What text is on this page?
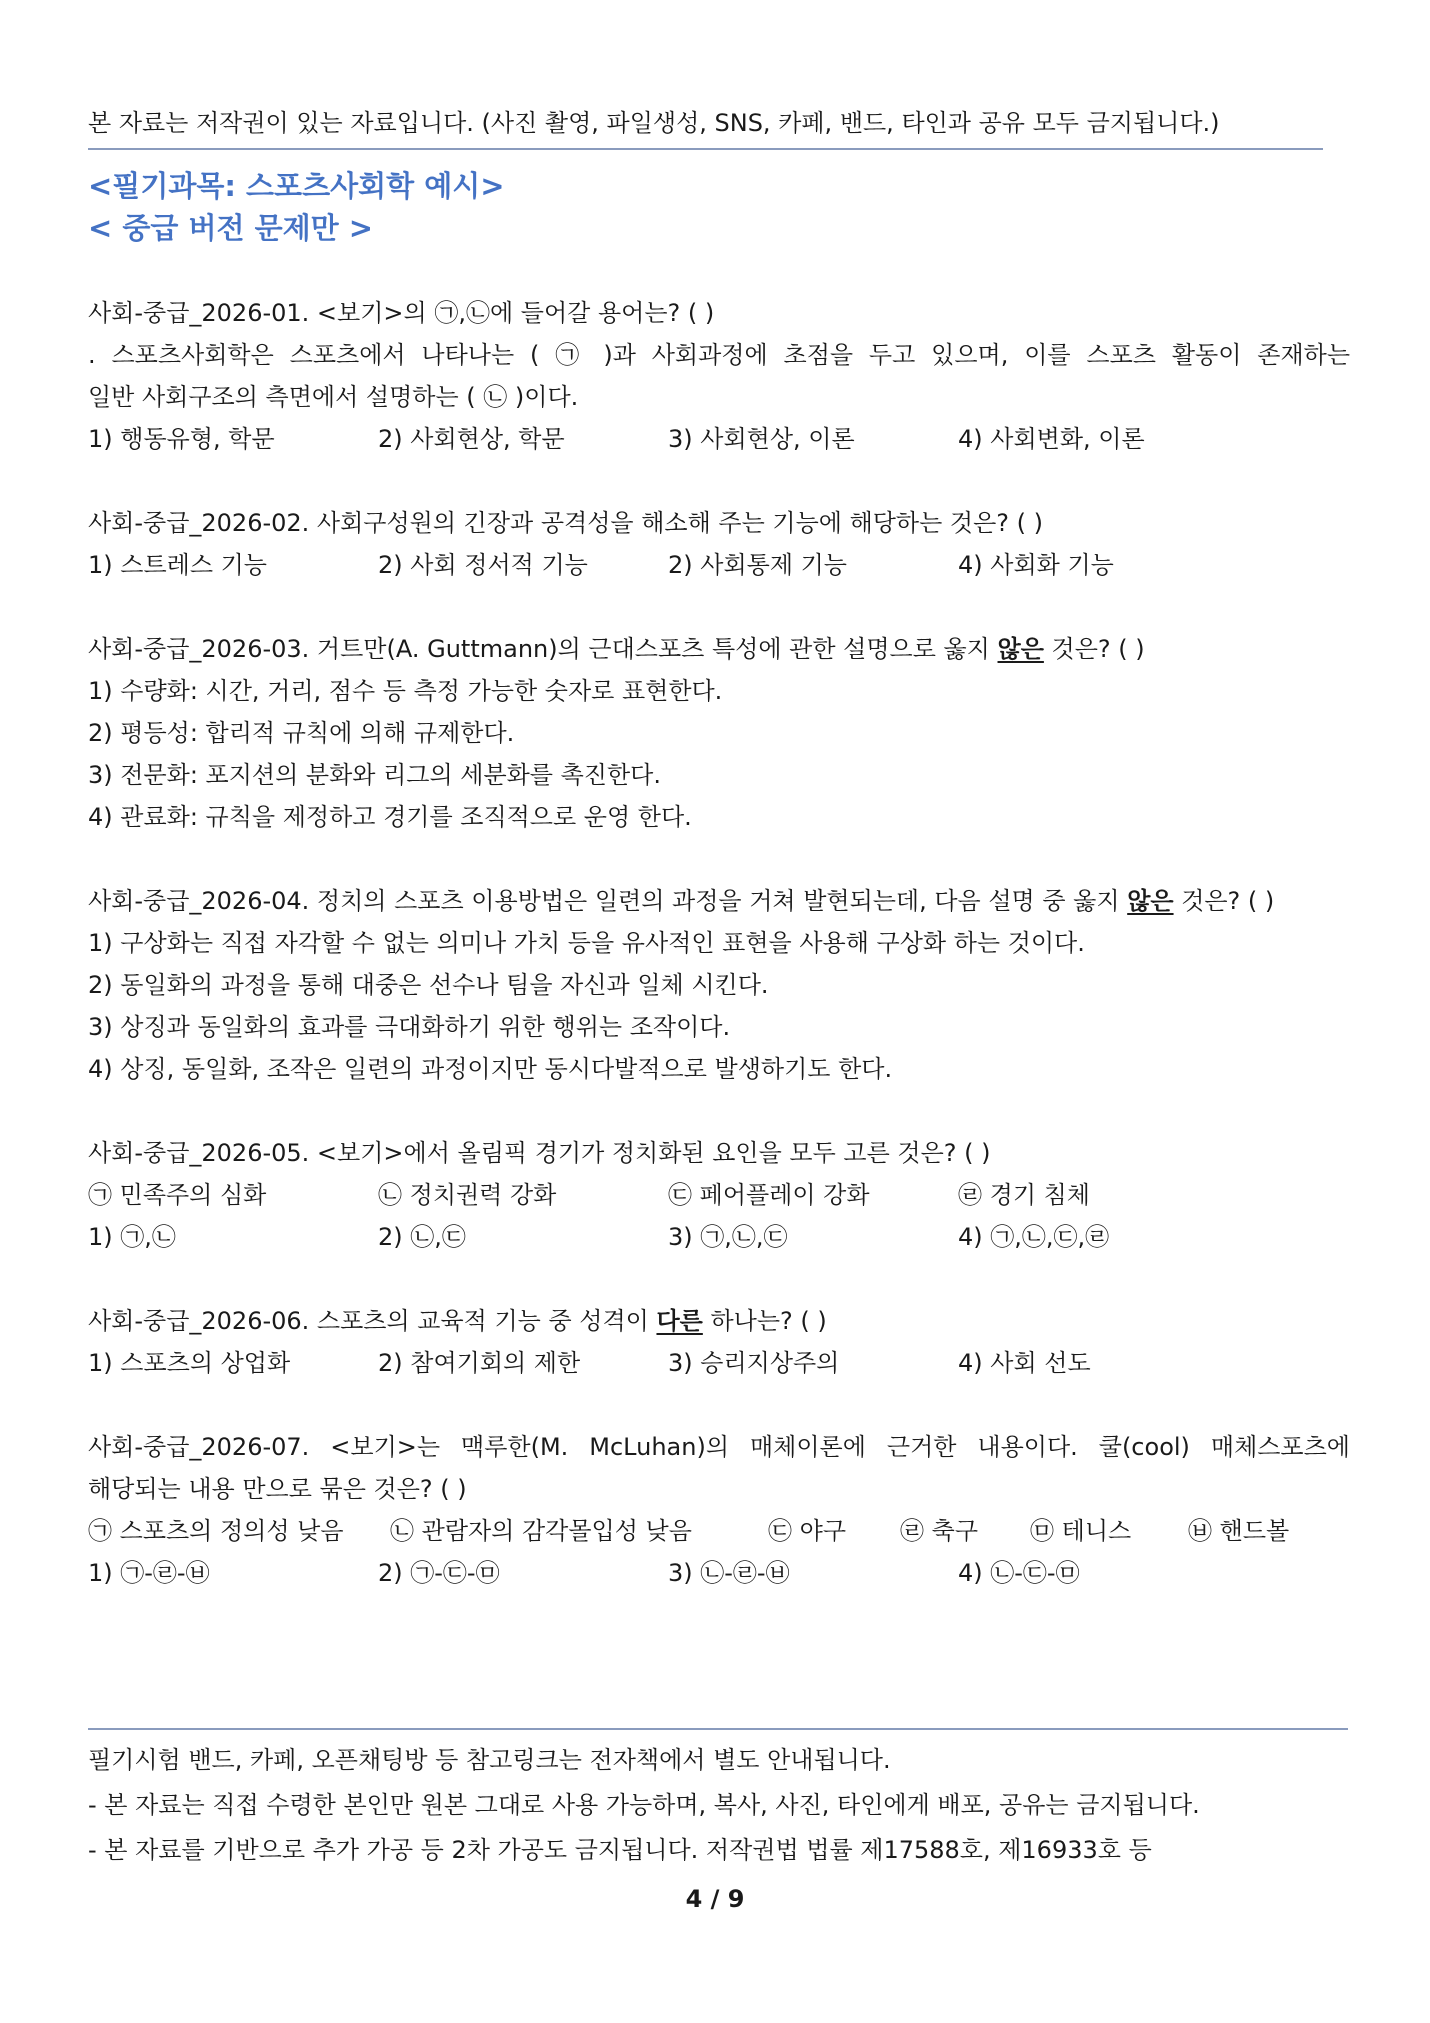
본 자료는 저작권이 있는 자료입니다. (사진 촬영, 파일생성, SNS, 카페, 밴드, 타인과 공유 모두 금지됩니다.)
<필기과목: 스포츠사회학 예시>
< 중급 버전 문제만 >
사회-중급_2026-01. <보기>의 ㉠,㉡에 들어갈 용어는? ( )
. 스포츠사회학은 스포츠에서 나타나는 ( ㉠ )과 사회과정에 초점을 두고 있으며, 이를 스포츠 활동이 존재하는
일반 사회구조의 측면에서 설명하는 ( ㉡ )이다.
1) 행동유형, 학문	2) 사회현상, 학문	3) 사회현상, 이론	4) 사회변화, 이론
사회-중급_2026-02. 사회구성원의 긴장과 공격성을 해소해 주는 기능에 해당하는 것은? ( )
1) 스트레스 기능	2) 사회 정서적 기능	2) 사회통제 기능	4) 사회화 기능
사회-중급_2026-03. 거트만(A. Guttmann)의 근대스포츠 특성에 관한 설명으로 옳지 않은 것은? ( )
1) 수량화: 시간, 거리, 점수 등 측정 가능한 숫자로 표현한다.
2) 평등성: 합리적 규칙에 의해 규제한다.
3) 전문화: 포지션의 분화와 리그의 세분화를 촉진한다.
4) 관료화: 규칙을 제정하고 경기를 조직적으로 운영 한다.
사회-중급_2026-04. 정치의 스포츠 이용방법은 일련의 과정을 거쳐 발현되는데, 다음 설명 중 옳지 않은 것은? ( )
1) 구상화는 직접 자각할 수 없는 의미나 가치 등을 유사적인 표현을 사용해 구상화 하는 것이다.
2) 동일화의 과정을 통해 대중은 선수나 팀을 자신과 일체 시킨다.
3) 상징과 동일화의 효과를 극대화하기 위한 행위는 조작이다.
4) 상징, 동일화, 조작은 일련의 과정이지만 동시다발적으로 발생하기도 한다.
사회-중급_2026-05. <보기>에서 올림픽 경기가 정치화된 요인을 모두 고른 것은? ( )
㉠ 민족주의 심화	㉡ 정치권력 강화	㉢ 페어플레이 강화	㉣ 경기 침체
1) ㉠,㉡	2) ㉡,㉢	3) ㉠,㉡,㉢	4) ㉠,㉡,㉢,㉣
사회-중급_2026-06. 스포츠의 교육적 기능 중 성격이 다른 하나는? ( )
1) 스포츠의 상업화	2) 참여기회의 제한	3) 승리지상주의	4) 사회 선도
사회-중급_2026-07. <보기>는 맥루한(M. McLuhan)의 매체이론에 근거한 내용이다. 쿨(cool) 매체스포츠에
해당되는 내용 만으로 묶은 것은? ( )
㉠ 스포츠의 정의성 낮음 ㉡ 관람자의 감각몰입성 낮음	㉢ 야구 ㉣ 축구 ㉤ 테니스 ㉥ 핸드볼
1) ㉠-㉣-㉥	2) ㉠-㉢-㉤	3) ㉡-㉣-㉥	4) ㉡-㉢-㉤
필기시험 밴드, 카페, 오픈채팅방 등 참고링크는 전자책에서 별도 안내됩니다.
- 본 자료는 직접 수령한 본인만 원본 그대로 사용 가능하며, 복사, 사진, 타인에게 배포, 공유는 금지됩니다.
- 본 자료를 기반으로 추가 가공 등 2차 가공도 금지됩니다. 저작권법 법률 제17588호, 제16933호 등
4 / 9
